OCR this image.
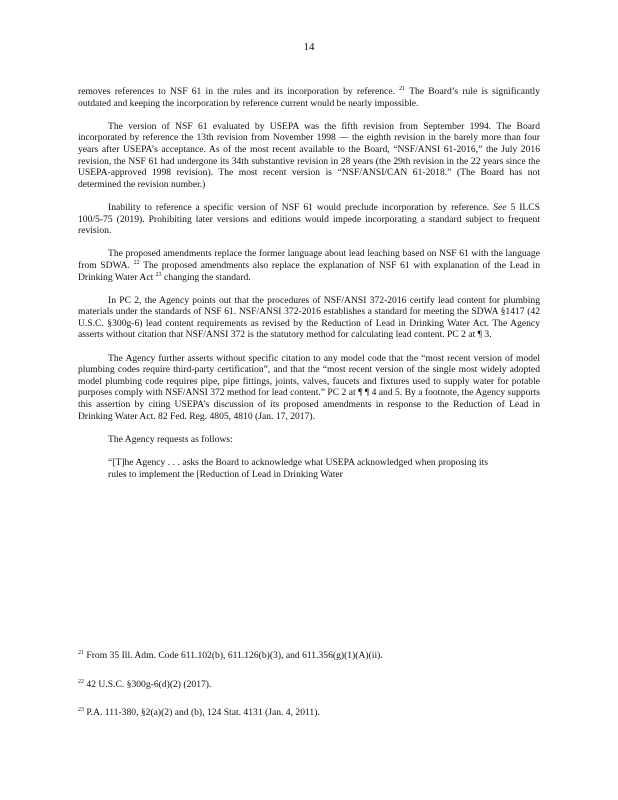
14

removes references to NSF 61 in the rules and its incorporation by reference. $^{21}$ The Board’s rule is significantly outdated and keeping the incorporation by reference current would be nearly impossible.

The version of NSF 61 evaluated by USEPA was the fifth revision from September 1994. The Board incorporated by reference the 13th revision from November 1998 — the eighth revision in the barely more than four years after USEPA’s acceptance. As of the most recent available to the Board, “NSF/ANSI 61-2016,” the July 2016 revision, the NSF 61 had undergone its 34th substantive revision in 28 years (the 29th revision in the 22 years since the USEPA-approved 1998 revision). The most recent version is “NSF/ANSI/CAN 61-2018.” (The Board has not determined the revision number.)

Inability to reference a specific version of NSF 61 would preclude incorporation by reference. See 5 ILCS 100/5-75 (2019). Prohibiting later versions and editions would impede incorporating a standard subject to frequent revision.

The proposed amendments replace the former language about lead leaching based on NSF 61 with the language from SDWA. $^{22}$ The proposed amendments also replace the explanation of NSF 61 with explanation of the Lead in Drinking Water Act $^{23}$ changing the standard.

In PC 2, the Agency points out that the procedures of NSF/ANSI 372-2016 certify lead content for plumbing materials under the standards of NSF 61. NSF/ANSI 372-2016 establishes a standard for meeting the SDWA §1417 (42 U.S.C. §300g-6) lead content requirements as revised by the Reduction of Lead in Drinking Water Act. The Agency asserts without citation that NSF/ANSI 372 is the statutory method for calculating lead content. PC 2 at ¶ 3.

The Agency further asserts without specific citation to any model code that the “most recent version of model plumbing codes require third-party certification”, and that the “most recent version of the single most widely adopted model plumbing code requires pipe, pipe fittings, joints, valves, faucets and fixtures used to supply water for potable purposes comply with NSF/ANSI 372 method for lead content.” PC 2 at ¶ ¶ 4 and 5. By a footnote, the Agency supports this assertion by citing USEPA’s discussion of its proposed amendments in response to the Reduction of Lead in Drinking Water Act. 82 Fed. Reg. 4805, 4810 (Jan. 17, 2017).

The Agency requests as follows:

“[T]he Agency . . . asks the Board to acknowledge what USEPA acknowledged when proposing its rules to implement the [Reduction of Lead in Drinking Water
$^{21}$ From 35 Ill. Adm. Code 611.102(b), 611.126(b)(3), and 611.356(g)(1)(A)(ii).
$^{22}$ 42 U.S.C. §300g-6(d)(2) (2017).
$^{23}$ P.A. 111-380, §2(a)(2) and (b), 124 Stat. 4131 (Jan. 4, 2011).
